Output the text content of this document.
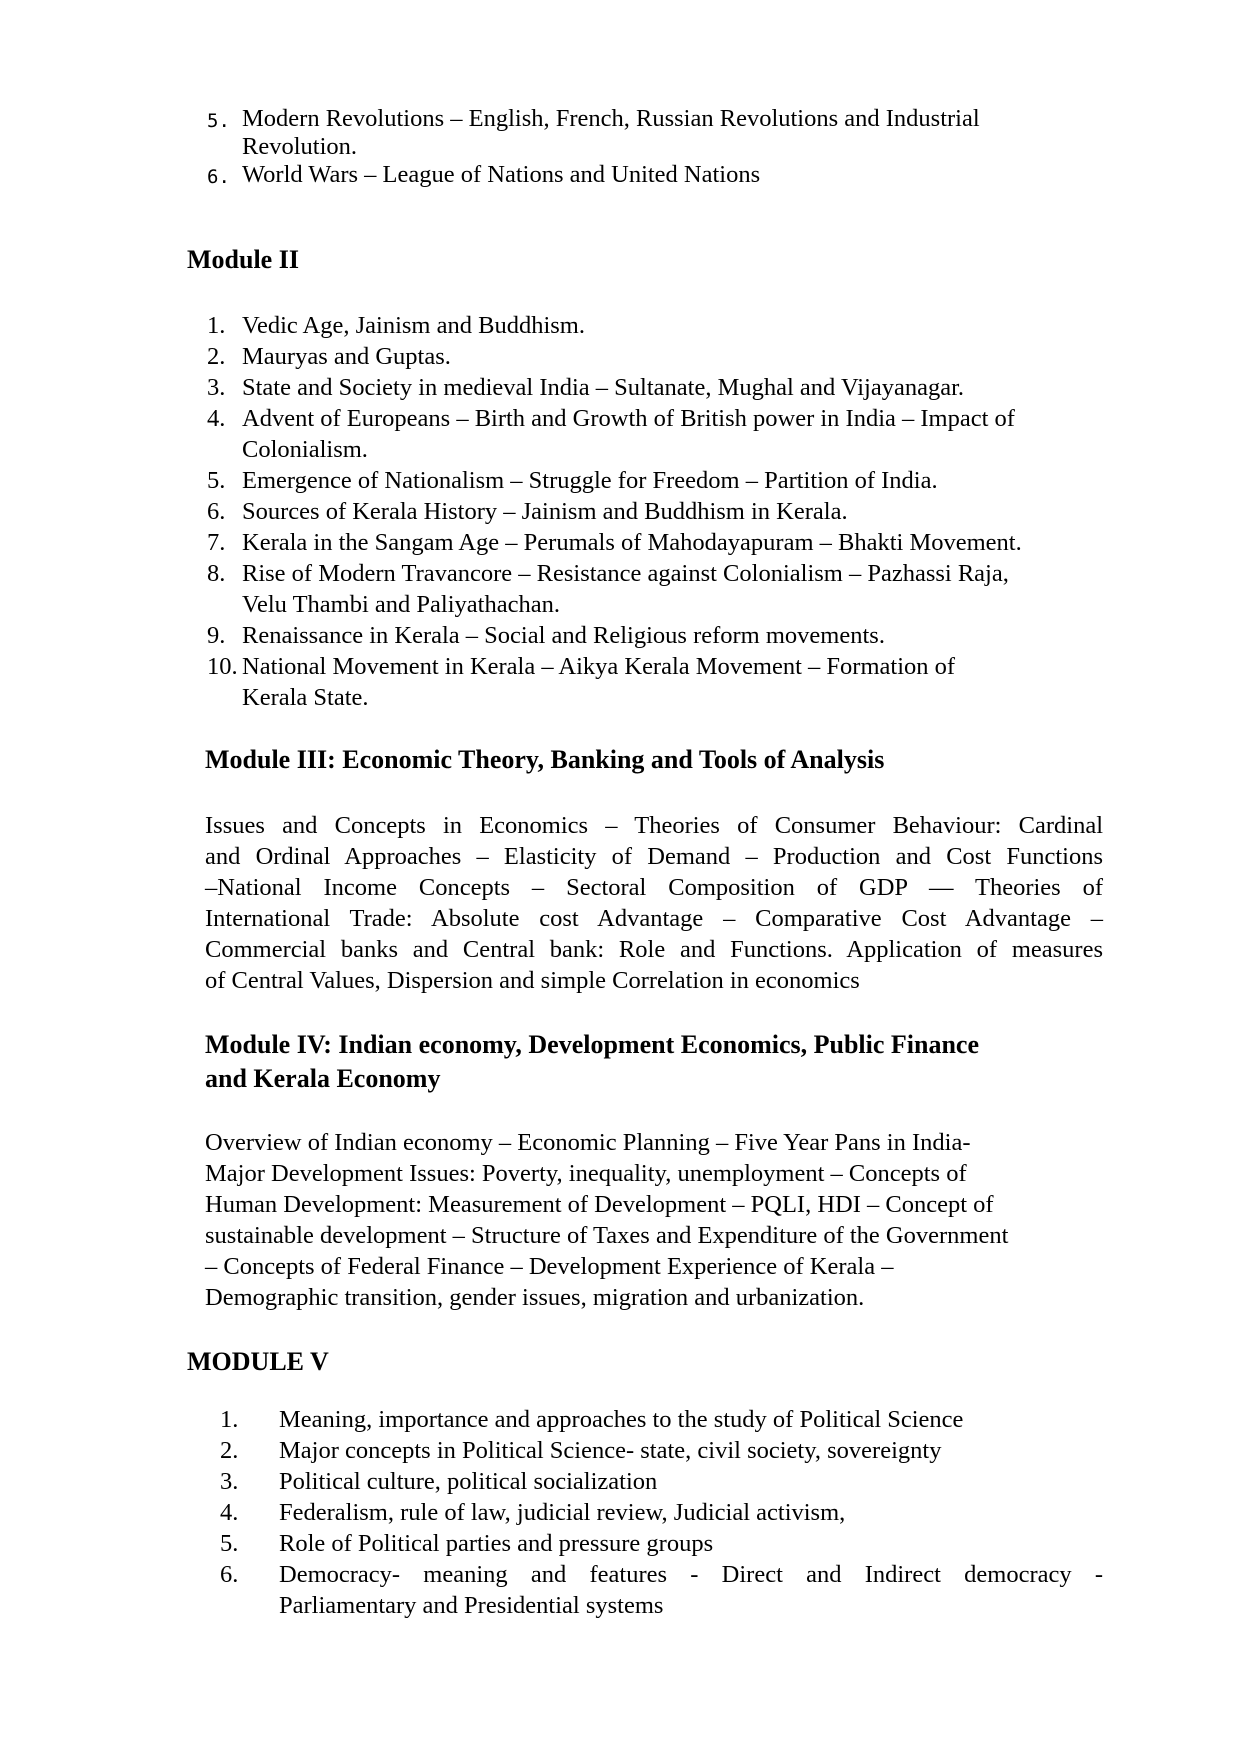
5. Modern Revolutions – English, French, Russian Revolutions and Industrial
Revolution.
6. World Wars – League of Nations and United Nations
Module II
1. Vedic Age, Jainism and Buddhism.
2. Mauryas and Guptas.
3. State and Society in medieval India – Sultanate, Mughal and Vijayanagar.
4. Advent of Europeans – Birth and Growth of British power in India – Impact of
Colonialism.
5. Emergence of Nationalism – Struggle for Freedom – Partition of India.
6. Sources of Kerala History – Jainism and Buddhism in Kerala.
7. Kerala in the Sangam Age – Perumals of Mahodayapuram – Bhakti Movement.
8. Rise of Modern Travancore – Resistance against Colonialism – Pazhassi Raja,
Velu Thambi and Paliyathachan.
9. Renaissance in Kerala – Social and Religious reform movements.
10. National Movement in Kerala – Aikya Kerala Movement – Formation of
Kerala State.
Module III: Economic Theory, Banking and Tools of Analysis
Issues and Concepts in Economics – Theories of Consumer Behaviour: Cardinal
and Ordinal Approaches – Elasticity of Demand – Production and Cost Functions
–National Income Concepts – Sectoral Composition of GDP — Theories of
International Trade: Absolute cost Advantage – Comparative Cost Advantage –
Commercial banks and Central bank: Role and Functions. Application of measures
of Central Values, Dispersion and simple Correlation in economics
Module IV: Indian economy, Development Economics, Public Finance
and Kerala Economy
Overview of Indian economy – Economic Planning – Five Year Pans in India-
Major Development Issues: Poverty, inequality, unemployment – Concepts of
Human Development: Measurement of Development – PQLI, HDI – Concept of
sustainable development – Structure of Taxes and Expenditure of the Government
– Concepts of Federal Finance – Development Experience of Kerala –
Demographic transition, gender issues, migration and urbanization.
MODULE V
1. Meaning, importance and approaches to the study of Political Science
2. Major concepts in Political Science- state, civil society, sovereignty
3. Political culture, political socialization
4. Federalism, rule of law, judicial review, Judicial activism,
5. Role of Political parties and pressure groups
6. Democracy- meaning and features - Direct and Indirect democracy -
Parliamentary and Presidential systems
